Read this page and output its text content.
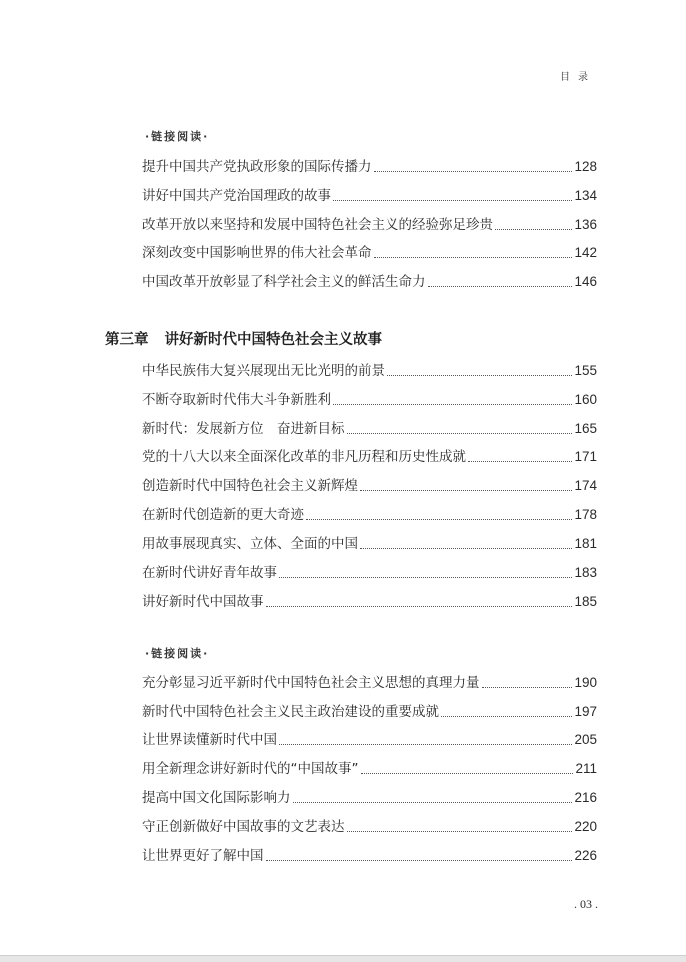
目录
·链接阅读·
提升中国共产党执政形象的国际传播力	128
讲好中国共产党治国理政的故事	134
改革开放以来坚持和发展中国特色社会主义的经验弥足珍贵	136
深刻改变中国影响世界的伟大社会革命	142
中国改革开放彰显了科学社会主义的鲜活生命力	146
第三章 讲好新时代中国特色社会主义故事
中华民族伟大复兴展现出无比光明的前景	155
不断夺取新时代伟大斗争新胜利	160
新时代：发展新方位　奋进新目标	165
党的十八大以来全面深化改革的非凡历程和历史性成就	171
创造新时代中国特色社会主义新辉煌	174
在新时代创造新的更大奇迹	178
用故事展现真实、立体、全面的中国	181
在新时代讲好青年故事	183
讲好新时代中国故事	185
·链接阅读·
充分彰显习近平新时代中国特色社会主义思想的真理力量	190
新时代中国特色社会主义民主政治建设的重要成就	197
让世界读懂新时代中国	205
用全新理念讲好新时代的“中国故事”	211
提高中国文化国际影响力	216
守正创新做好中国故事的文艺表达	220
让世界更好了解中国	226
. 03 .
